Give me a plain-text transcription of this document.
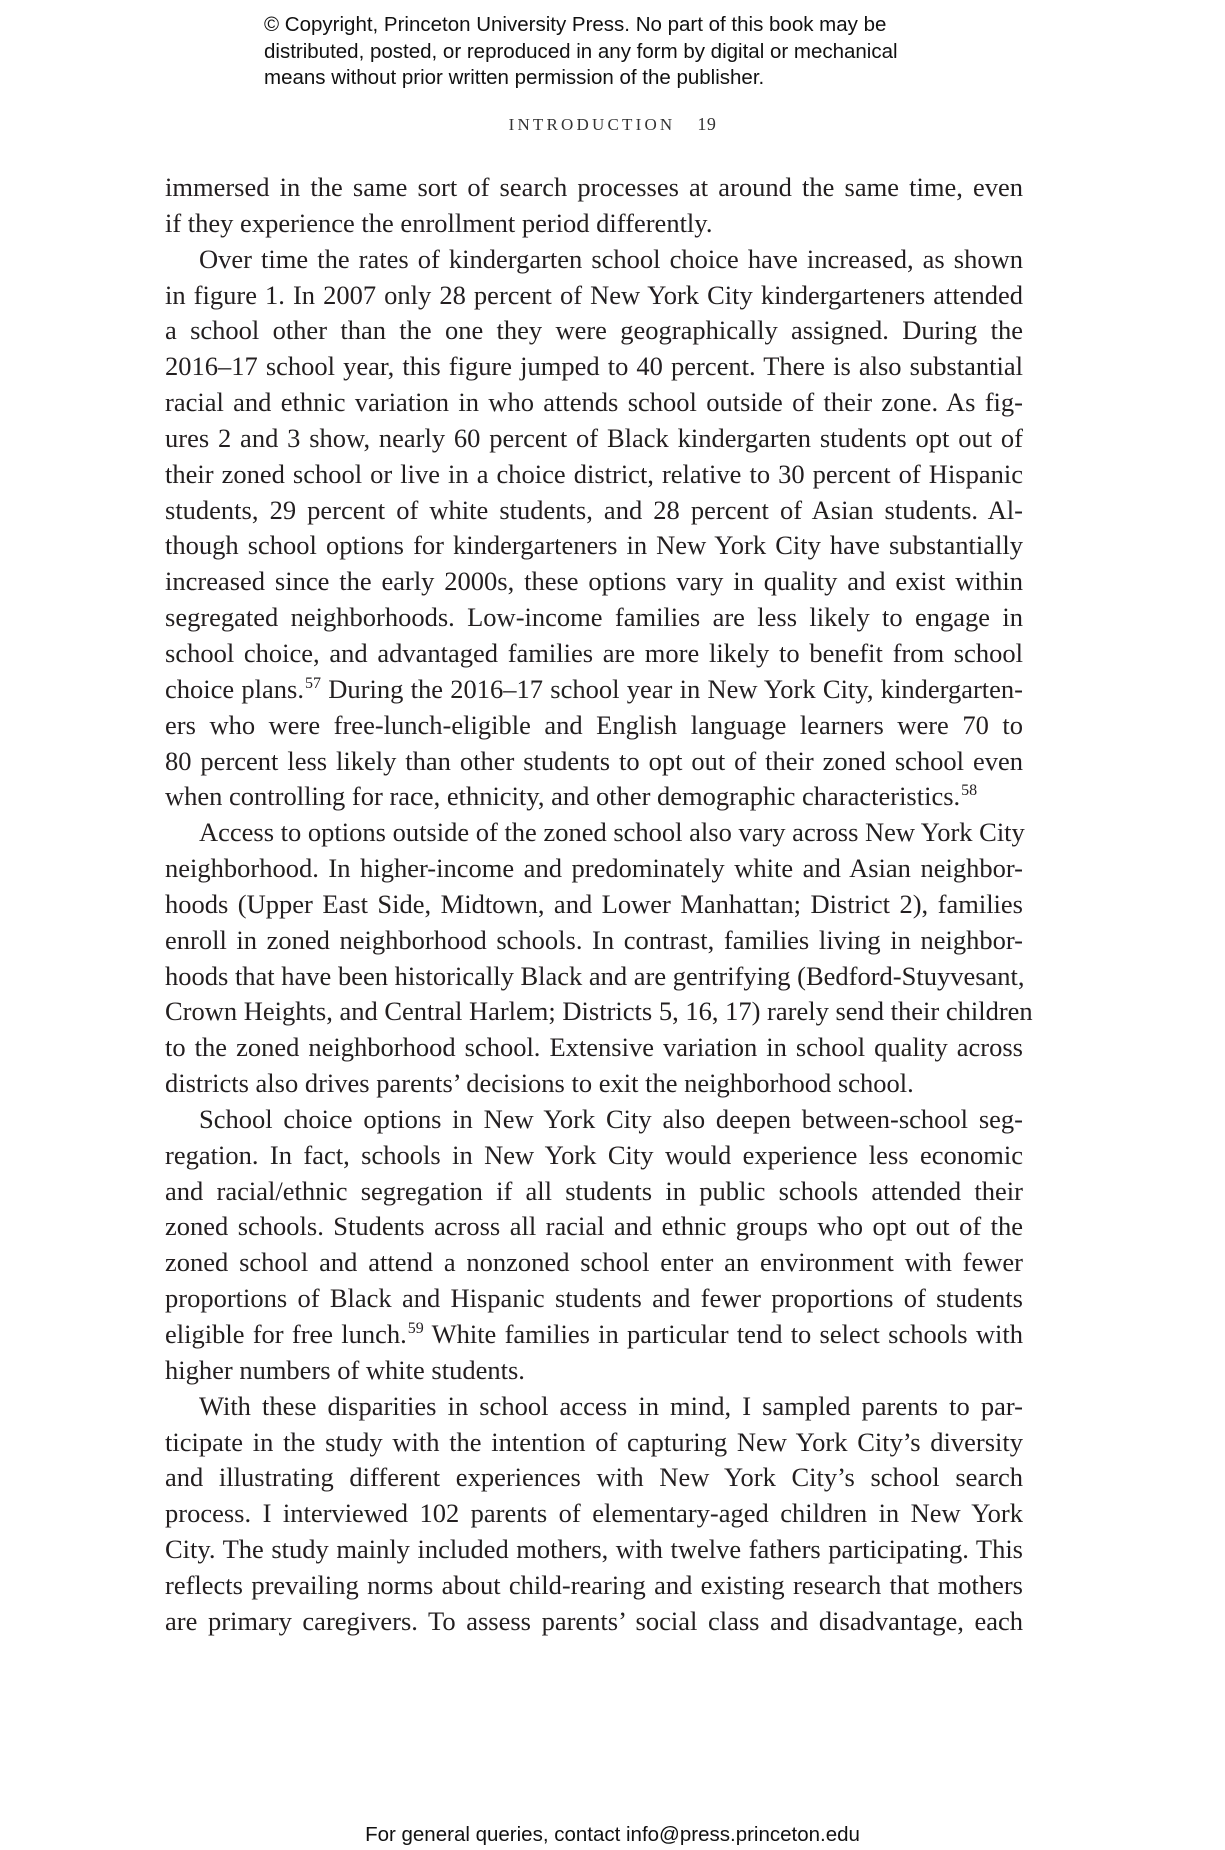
© Copyright, Princeton University Press. No part of this book may be
distributed, posted, or reproduced in any form by digital or mechanical
means without prior written permission of the publisher.
INTRODUCTION 19
immersed in the same sort of search processes at around the same time, even
if they experience the enrollment period differently.
Over time the rates of kindergarten school choice have increased, as shown
in figure 1. In 2007 only 28 percent of New York City kindergarteners attended
a school other than the one they were geographically assigned. During the
2016–17 school year, this figure jumped to 40 percent. There is also substantial
racial and ethnic variation in who attends school outside of their zone. As fig-
ures 2 and 3 show, nearly 60 percent of Black kindergarten students opt out of
their zoned school or live in a choice district, relative to 30 percent of Hispanic
students, 29 percent of white students, and 28 percent of Asian students. Al-
though school options for kindergarteners in New York City have substantially
increased since the early 2000s, these options vary in quality and exist within
segregated neighborhoods. Low-income families are less likely to engage in
school choice, and advantaged families are more likely to benefit from school
choice plans.$^{57}$ During the 2016–17 school year in New York City, kindergarten-
ers who were free-lunch-eligible and English language learners were 70 to
80 percent less likely than other students to opt out of their zoned school even
when controlling for race, ethnicity, and other demographic characteristics.$^{58}$
Access to options outside of the zoned school also vary across New York City
neighborhood. In higher-income and predominately white and Asian neighbor-
hoods (Upper East Side, Midtown, and Lower Manhattan; District 2), families
enroll in zoned neighborhood schools. In contrast, families living in neighbor-
hoods that have been historically Black and are gentrifying (Bedford-Stuyvesant,
Crown Heights, and Central Harlem; Districts 5, 16, 17) rarely send their children
to the zoned neighborhood school. Extensive variation in school quality across
districts also drives parents’ decisions to exit the neighborhood school.
School choice options in New York City also deepen between-school seg-
regation. In fact, schools in New York City would experience less economic
and racial/ethnic segregation if all students in public schools attended their
zoned schools. Students across all racial and ethnic groups who opt out of the
zoned school and attend a nonzoned school enter an environment with fewer
proportions of Black and Hispanic students and fewer proportions of students
eligible for free lunch.$^{59}$ White families in particular tend to select schools with
higher numbers of white students.
With these disparities in school access in mind, I sampled parents to par-
ticipate in the study with the intention of capturing New York City’s diversity
and illustrating different experiences with New York City’s school search
process. I interviewed 102 parents of elementary-aged children in New York
City. The study mainly included mothers, with twelve fathers participating. This
reflects prevailing norms about child-rearing and existing research that mothers
are primary caregivers. To assess parents’ social class and disadvantage, each
For general queries, contact info@press.princeton.edu
